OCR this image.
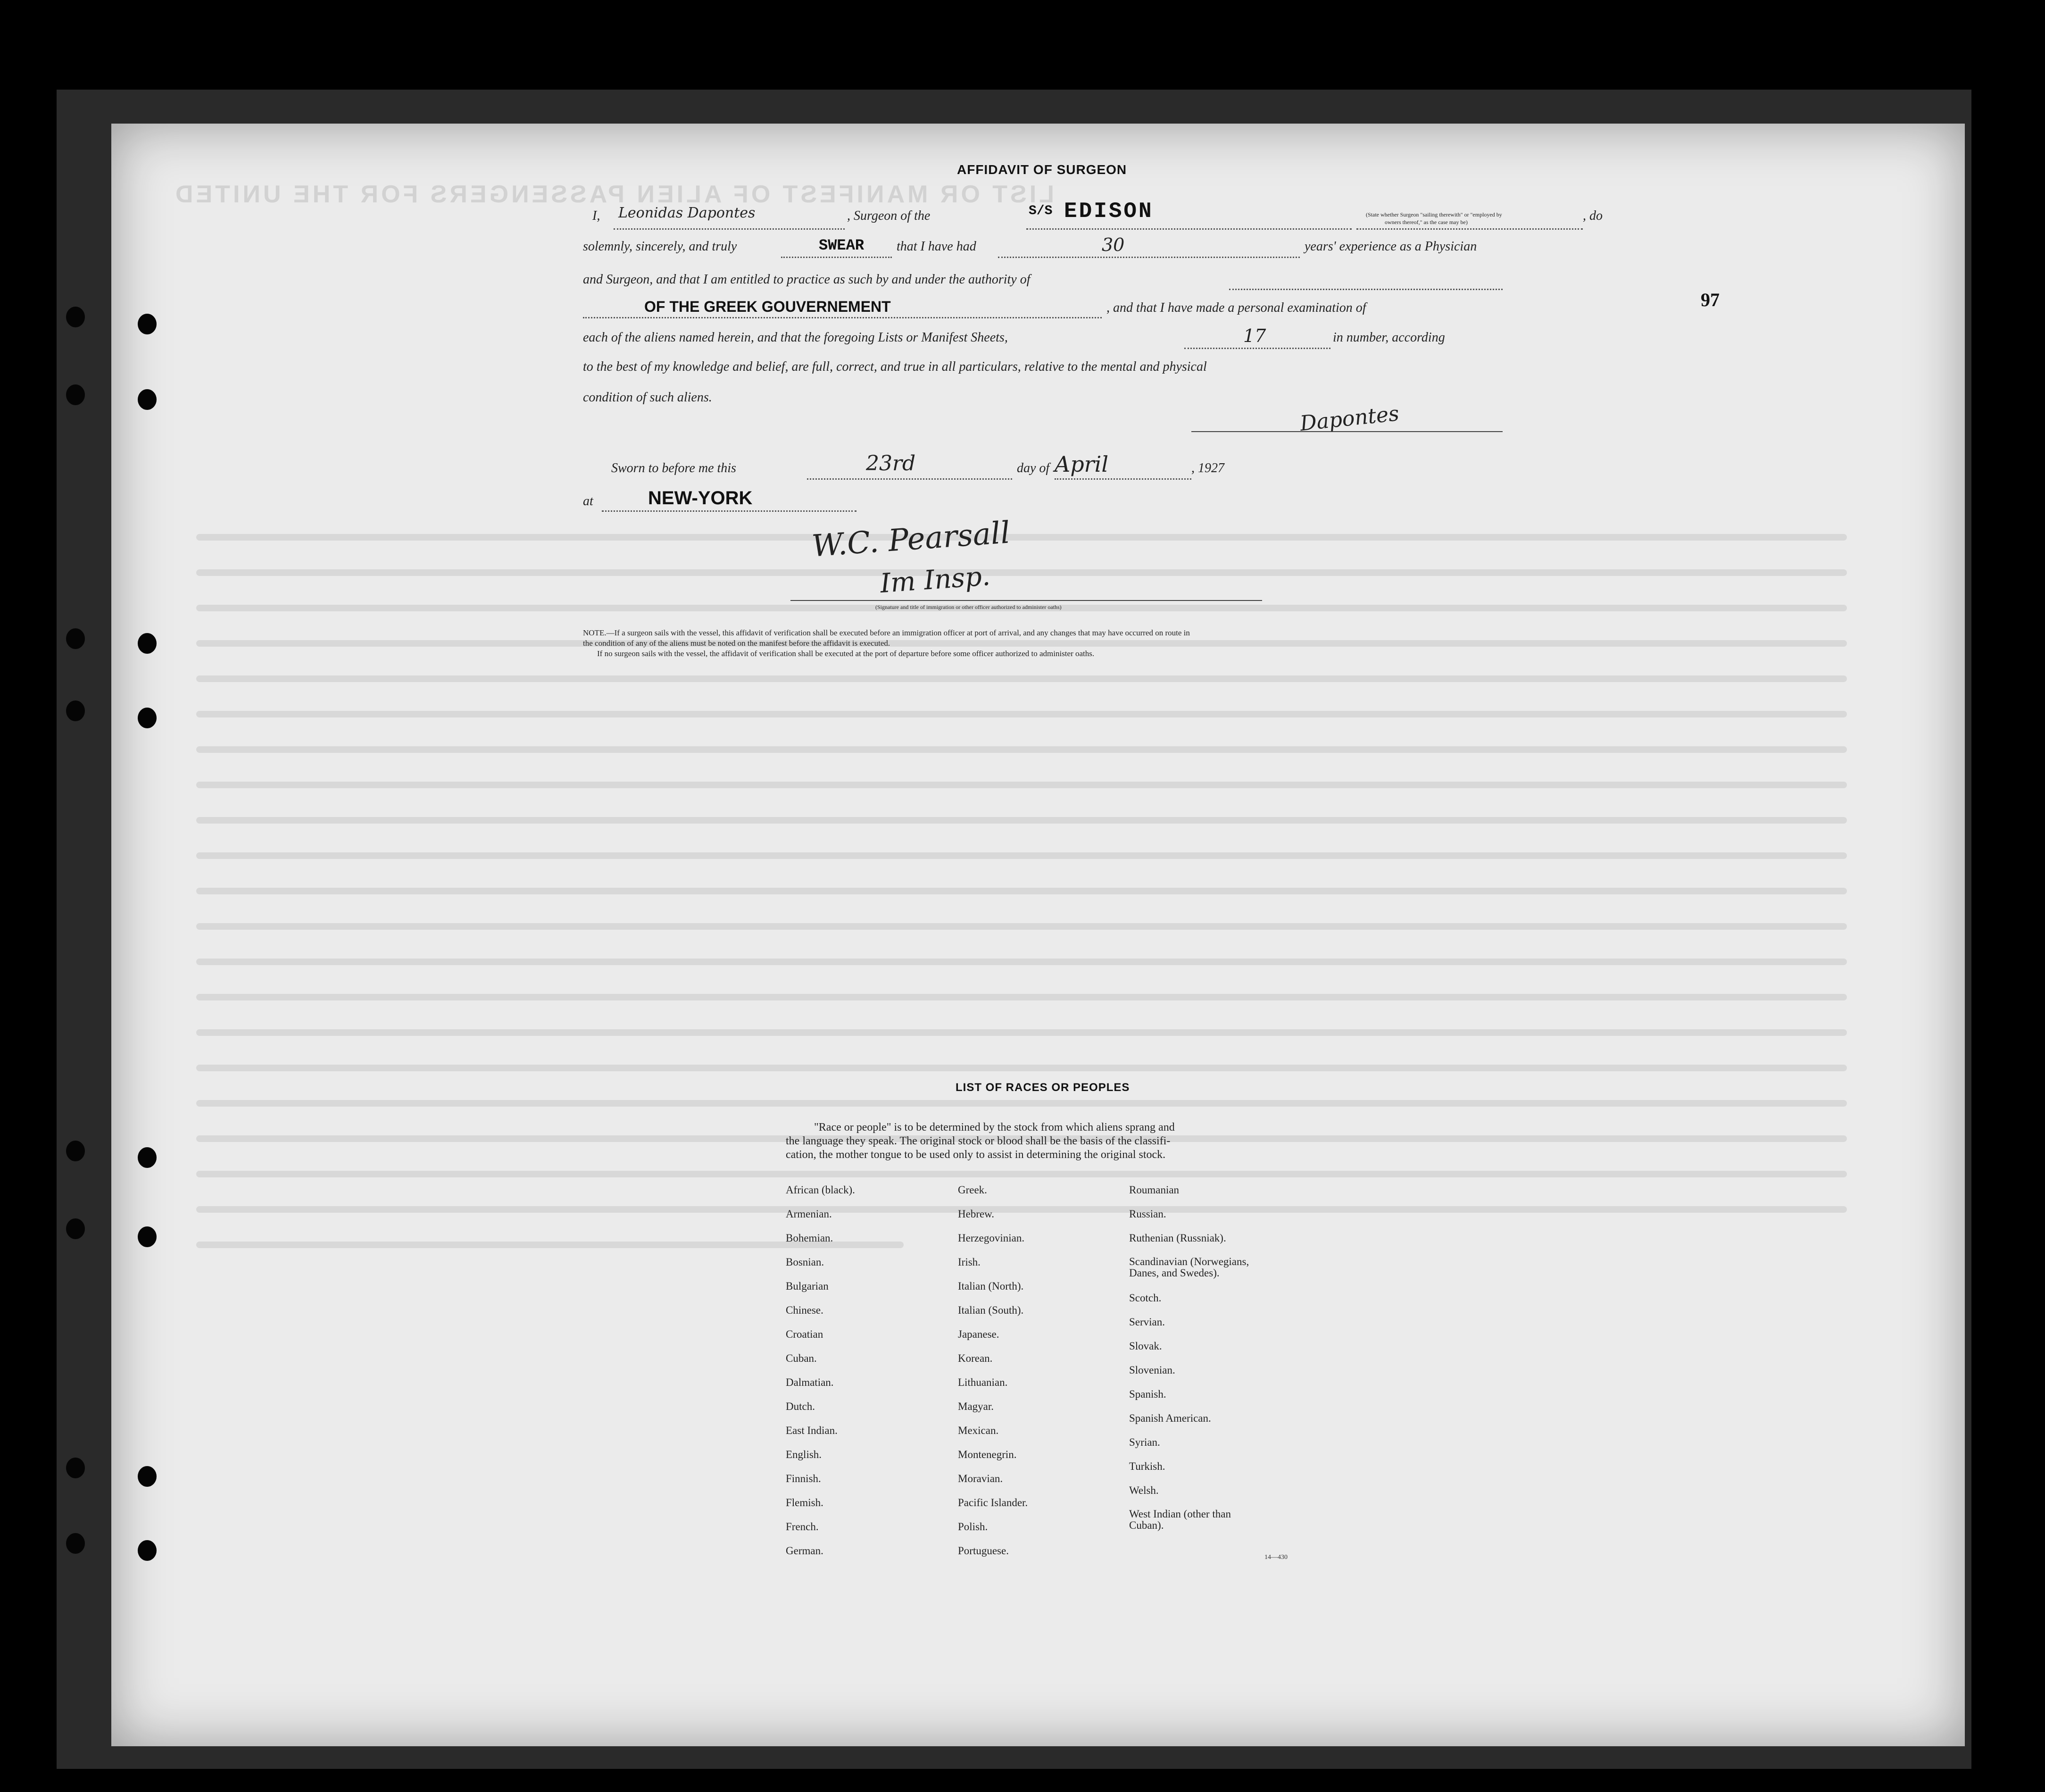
LIST OR MANIFEST OF ALIEN PASSENGERS FOR THE UNITED
AFFIDAVIT OF SURGEON
I, Leonidas Dapontes	, Surgeon of the	S/S EDISON	(State whether Surgeon "sailing therewith" or "employed by
owners thereof," as the case may be)	, do
solemnly, sincerely, and truly	SWEAR that I have had	30	years' experience as a Physician
and Surgeon, and that I am entitled to practice as such by and under the authority of
OF THE GREEK GOUVERNEMENT	, and that I have made a personal examination of
each of the aliens named herein, and that the foregoing Lists or Manifest Sheets,	17	in number, according
to the best of my knowledge and belief, are full, correct, and true in all particulars, relative to the mental and physical
condition of such aliens.
Dapontes
Sworn to before me this	23rd	day of April	, 1927
at	NEW-YORK
W.C. Pearsall
Im Insp.
(Signature and title of immigration or other officer authorized to administer oaths)
NOTE.—If a surgeon sails with the vessel, this affidavit of verification shall be executed before an immigration officer at port of arrival, and any changes that may have occurred on route in
the condition of any of the aliens must be noted on the manifest before the affidavit is executed.
If no surgeon sails with the vessel, the affidavit of verification shall be executed at the port of departure before some officer authorized to administer oaths.
97
LIST OF RACES OR PEOPLES
"Race or people" is to be determined by the stock from which aliens sprang and
the language they speak. The original stock or blood shall be the basis of the classifi-
cation, the mother tongue to be used only to assist in determining the original stock.
African (black).
Armenian.
Bohemian.
Bosnian.
Bulgarian
Chinese.
Croatian
Cuban.
Dalmatian.
Dutch.
East Indian.
English.
Finnish.
Flemish.
French.
German.
Greek.
Hebrew.
Herzegovinian.
Irish.
Italian (North).
Italian (South).
Japanese.
Korean.
Lithuanian.
Magyar.
Mexican.
Montenegrin.
Moravian.
Pacific Islander.
Polish.
Portuguese.
Roumanian
Russian.
Ruthenian (Russniak).
Scandinavian (Norwegians,
Danes, and Swedes).
Scotch.
Servian.
Slovak.
Slovenian.
Spanish.
Spanish American.
Syrian.
Turkish.
Welsh.
West Indian (other than
Cuban).
14—430
